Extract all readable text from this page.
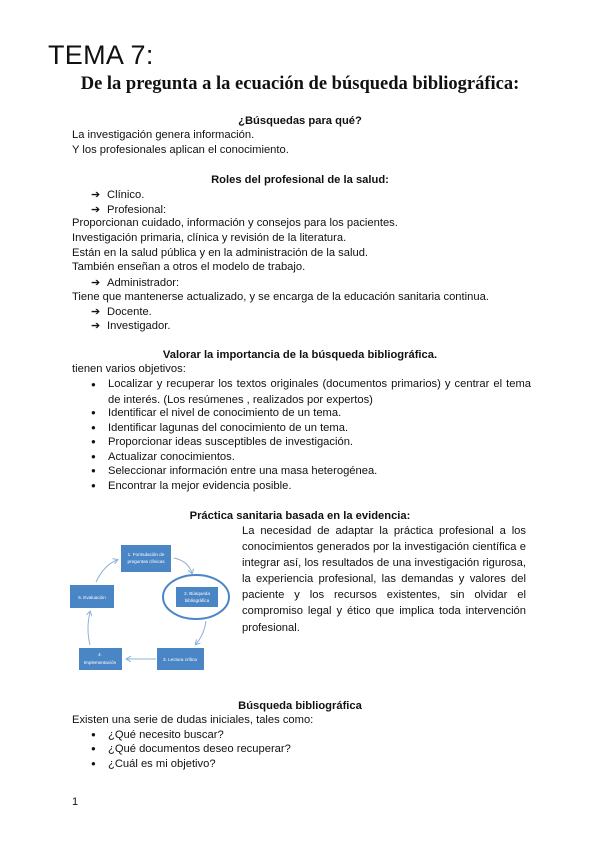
TEMA 7:
De la pregunta a la ecuación de búsqueda bibliográfica:
¿Búsquedas para qué?
La investigación genera información.
Y los profesionales aplican el conocimiento.
Roles del profesional de la salud:
➔ Clínico.
➔ Profesional:
Proporcionan cuidado, información y consejos para los pacientes.
Investigación primaria, clínica y revisión de la literatura.
Están en la salud pública y en la administración de la salud.
También enseñan a otros el modelo de trabajo.
➔ Administrador:
Tiene que mantenerse actualizado, y se encarga de la educación sanitaria continua.
➔ Docente.
➔ Investigador.
Valorar la importancia de la búsqueda bibliográfica.
tienen varios objetivos:
● Localizar y recuperar los textos originales (documentos primarios) y centrar el tema de interés. (Los resúmenes , realizados por expertos)
● Identificar el nivel de conocimiento de un tema.
● Identificar lagunas del conocimiento de un tema.
● Proporcionar ideas susceptibles de investigación.
● Actualizar conocimientos.
● Seleccionar información entre una masa heterogénea.
● Encontrar la mejor evidencia posible.
Práctica sanitaria basada en la evidencia:
La necesidad de adaptar la práctica profesional a los conocimientos generados por la investigación científica e integrar así, los resultados de una investigación rigurosa, la experiencia profesional, las demandas y valores del paciente y los recursos existentes, sin olvidar el compromiso legal y ético que implica toda intervención profesional.
1. Formulación de
preguntas clínicas
2. Búsqueda
bibliográfica
3. Lectura crítica
4.
Implementación
5. Evaluación
Búsqueda bibliográfica
Existen una serie de dudas iniciales, tales como:
● ¿Qué necesito buscar?
● ¿Qué documentos deseo recuperar?
● ¿Cuál es mi objetivo?
1
